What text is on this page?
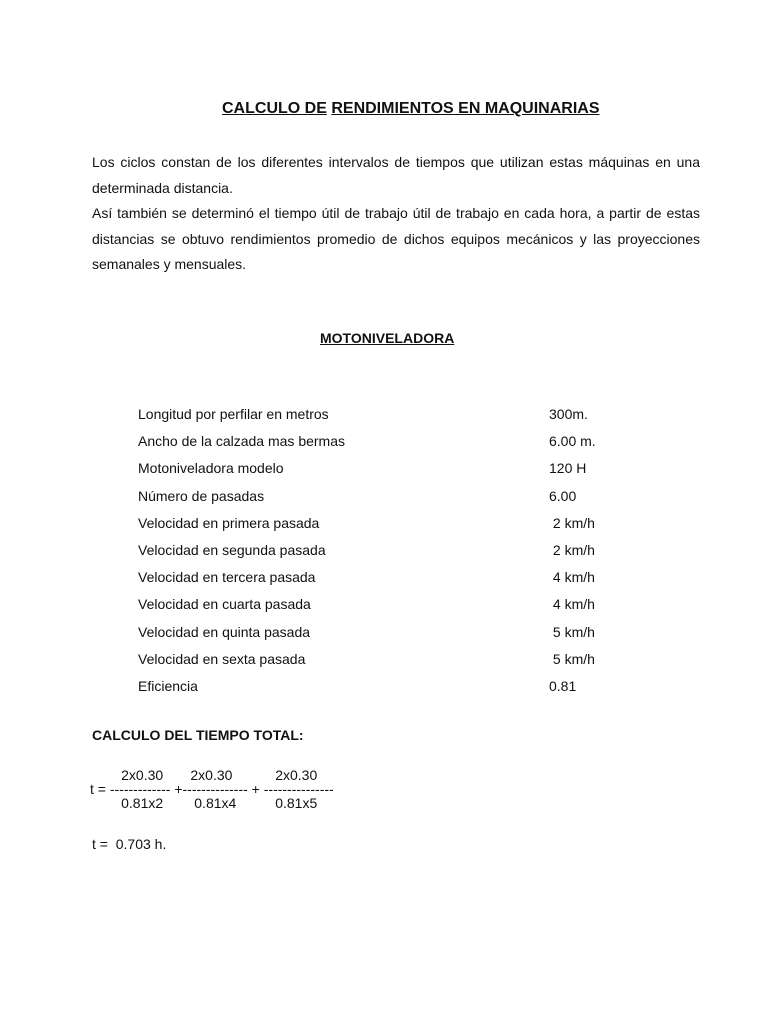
CALCULO DE RENDIMIENTOS EN MAQUINARIAS

Los ciclos constan de los diferentes intervalos de tiempos que utilizan estas máquinas en una determinada distancia.

Así también se determinó el tiempo útil de trabajo útil de trabajo en cada hora, a partir de estas distancias se obtuvo rendimientos promedio de dichos equipos mecánicos y las proyecciones semanales y mensuales.

MOTONIVELADORA
Longitud por perfilar en metros	300m.
Ancho de la calzada mas bermas	6.00 m.
Motoniveladora modelo	120 H
Número de pasadas	6.00
Velocidad en primera pasada	2 km/h
Velocidad en segunda pasada	2 km/h
Velocidad en tercera pasada	4 km/h
Velocidad en cuarta pasada	4 km/h
Velocidad en quinta pasada	5 km/h
Velocidad en sexta pasada	5 km/h
Eficiencia	0.81
CALCULO DEL TIEMPO TOTAL:
2x0.30       2x0.30           2x0.30
t = ------------- +-------------- + ---------------
0.81x2        0.81x4          0.81x5
t =  0.703 h.
